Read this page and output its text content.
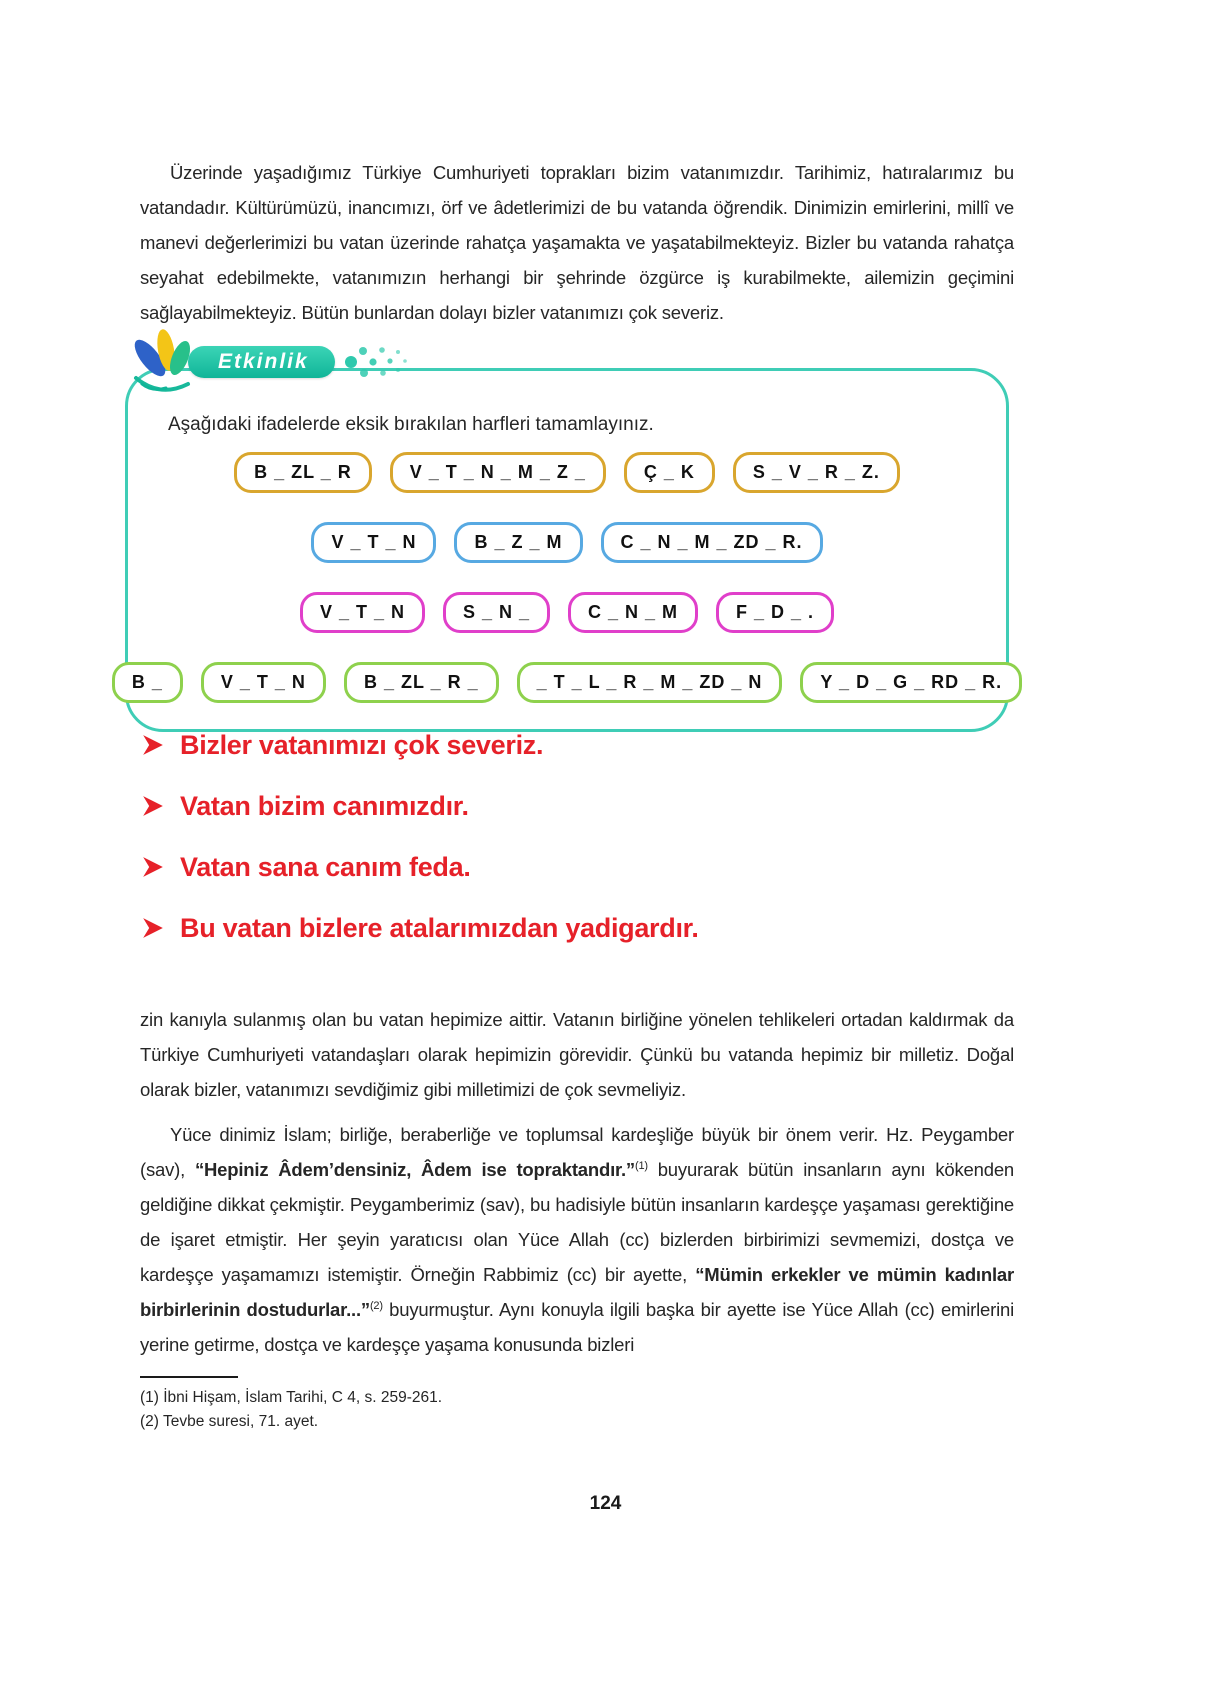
Üzerinde yaşadığımız Türkiye Cumhuriyeti toprakları bizim vatanımızdır. Tarihimiz, hatıralarımız bu vatandadır. Kültürümüzü, inancımızı, örf ve âdetlerimizi de bu vatanda öğrendik. Dinimizin emirlerini, millî ve manevi değerlerimizi bu vatan üzerinde rahatça yaşamakta ve yaşatabilmekteyiz. Bizler bu vatanda rahatça seyahat edebilmekte, vatanımızın herhangi bir şehrinde özgürce iş kurabilmekte, ailemizin geçimini sağlayabilmekteyiz. Bütün bunlardan dolayı bizler vatanımızı çok severiz.

Etkinlik
Aşağıdaki ifadelerde eksik bırakılan harfleri tamamlayınız.
B _ ZL _ R	V _ T _ N _ M _ Z _	Ç _ K	S _ V _ R _ Z.
V _ T _ N	B _ Z _ M	C _ N _ M _ ZD _ R.
V _ T _ N	S _ N _	C _ N _ M	F _ D _ .
B _	V _ T _ N	B _ ZL _ R _	_ T _ L _ R _ M _ ZD _ N	Y _ D _ G _ RD _ R.
Bizler vatanımızı çok severiz.
Vatan bizim canımızdır.
Vatan sana canım feda.
Bu vatan bizlere atalarımızdan yadigardır.

zin kanıyla sulanmış olan bu vatan hepimize aittir. Vatanın birliğine yönelen tehlikeleri ortadan kaldırmak da Türkiye Cumhuriyeti vatandaşları olarak hepimizin görevidir. Çünkü bu vatanda hepimiz bir milletiz. Doğal olarak bizler, vatanımızı sevdiğimiz gibi milletimizi de çok sevmeliyiz.

Yüce dinimiz İslam; birliğe, beraberliğe ve toplumsal kardeşliğe büyük bir önem verir. Hz. Peygamber (sav), “Hepiniz Âdem’densiniz, Âdem ise topraktandır.”$^{(1)}$ buyurarak bütün insanların aynı kökenden geldiğine dikkat çekmiştir. Peygamberimiz (sav), bu hadisiyle bütün insanların kardeşçe yaşaması gerektiğine de işaret etmiştir. Her şeyin yaratıcısı olan Yüce Allah (cc) bizlerden birbirimizi sevmemizi, dostça ve kardeşçe yaşamamızı istemiştir. Örneğin Rabbimiz (cc) bir ayette, “Mümin erkekler ve mümin kadınlar birbirlerinin dostudurlar...”$^{(2)}$ buyurmuştur. Aynı konuyla ilgili başka bir ayette ise Yüce Allah (cc) emirlerini yerine getirme, dostça ve kardeşçe yaşama konusunda bizleri

(1) İbni Hişam, İslam Tarihi, C 4, s. 259-261.
(2) Tevbe suresi, 71. ayet.
124
